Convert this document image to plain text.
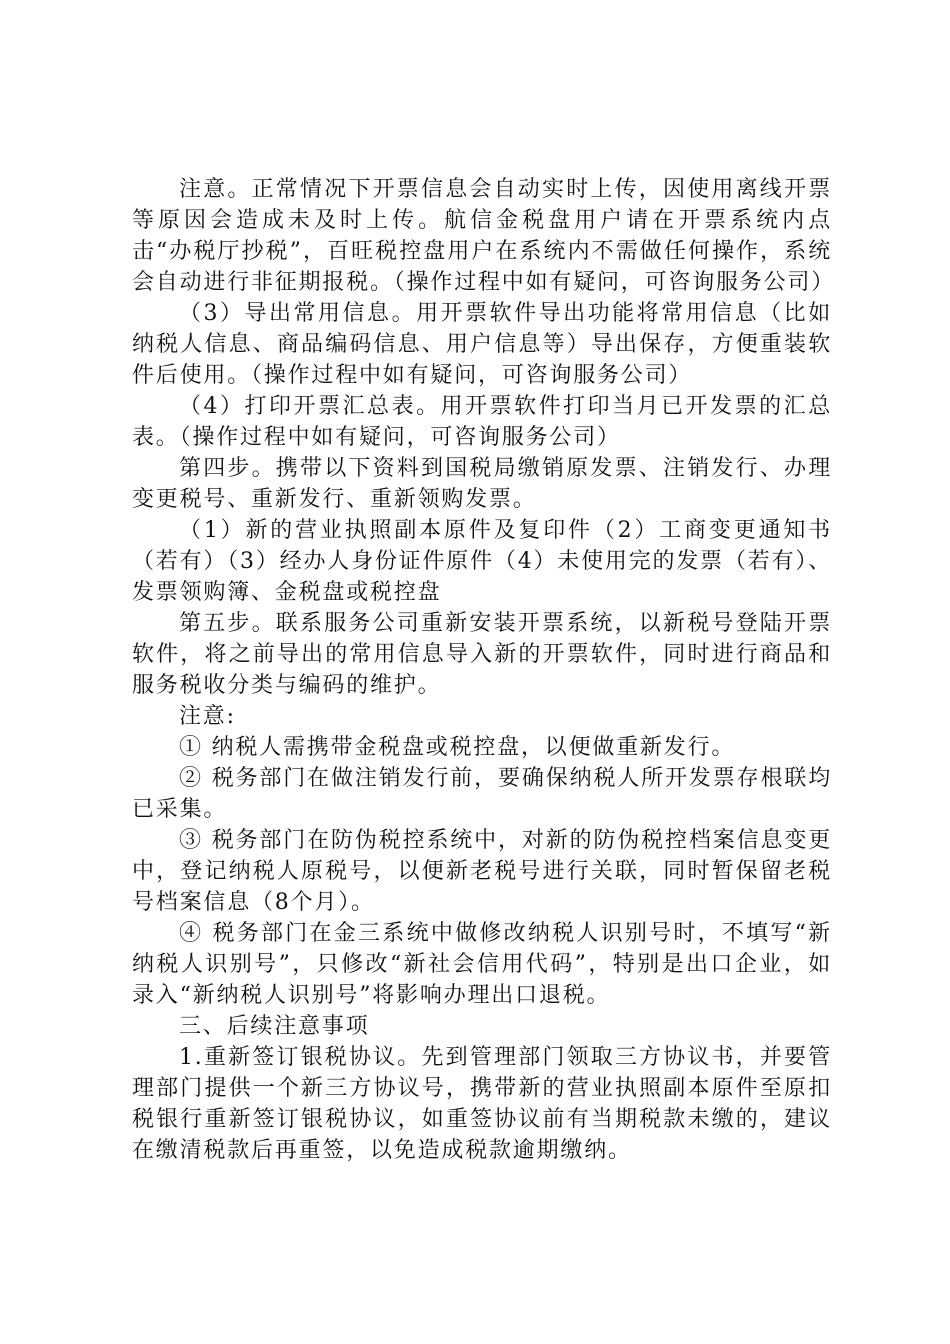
注意。正常情况下开票信息会自动实时上传，因使用离线开票等原因会造成未及时上传。航信金税盘用户请在开票系统内点击“办税厅抄税”，百旺税控盘用户在系统内不需做任何操作，系统会自动进行非征期报税。（操作过程中如有疑问，可咨询服务公司）

（3）导出常用信息。用开票软件导出功能将常用信息（比如纳税人信息、商品编码信息、用户信息等）导出保存，方便重装软件后使用。（操作过程中如有疑问，可咨询服务公司）

（4）打印开票汇总表。用开票软件打印当月已开发票的汇总表。（操作过程中如有疑问，可咨询服务公司）

第四步。携带以下资料到国税局缴销原发票、注销发行、办理变更税号、重新发行、重新领购发票。

（1）新的营业执照副本原件及复印件（2）工商变更通知书（若有）（3）经办人身份证件原件（4）未使用完的发票（若有）、发票领购簿、金税盘或税控盘

第五步。联系服务公司重新安装开票系统，以新税号登陆开票软件，将之前导出的常用信息导入新的开票软件，同时进行商品和服务税收分类与编码的维护。

注意:

① 纳税人需携带金税盘或税控盘，以便做重新发行。

② 税务部门在做注销发行前，要确保纳税人所开发票存根联均已采集。

③ 税务部门在防伪税控系统中，对新的防伪税控档案信息变更中，登记纳税人原税号，以便新老税号进行关联，同时暂保留老税号档案信息（8个月）。

④ 税务部门在金三系统中做修改纳税人识别号时，不填写“新纳税人识别号”，只修改“新社会信用代码”，特别是出口企业，如录入“新纳税人识别号”将影响办理出口退税。

三、后续注意事项

1.重新签订银税协议。先到管理部门领取三方协议书，并要管理部门提供一个新三方协议号，携带新的营业执照副本原件至原扣税银行重新签订银税协议，如重签协议前有当期税款未缴的，建议在缴清税款后再重签，以免造成税款逾期缴纳。
